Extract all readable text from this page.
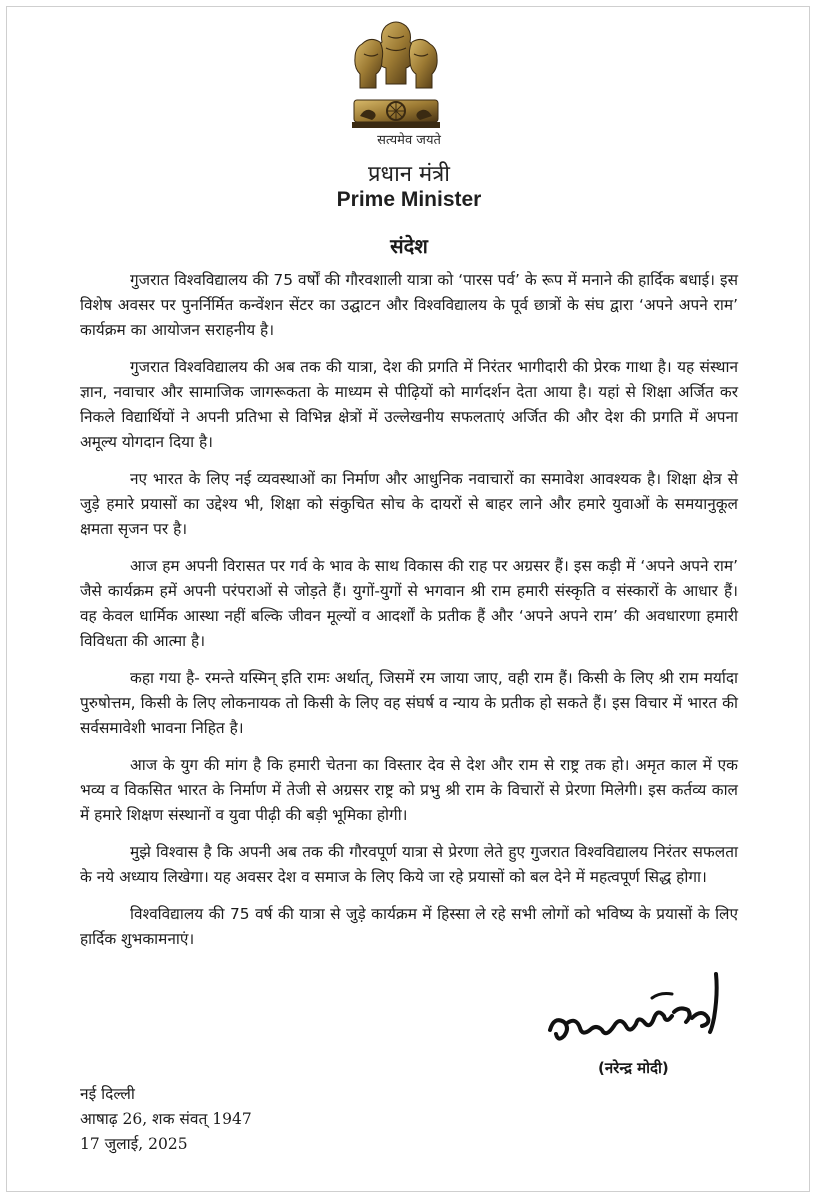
सत्यमेव जयते
प्रधान मंत्री
Prime Minister
संदेश

गुजरात विश्वविद्यालय की 75 वर्षों की गौरवशाली यात्रा को ‘पारस पर्व’ के रूप में मनाने की हार्दिक बधाई। इस विशेष अवसर पर पुनर्निर्मित कन्वेंशन सेंटर का उद्घाटन और विश्वविद्यालय के पूर्व छात्रों के संघ द्वारा ‘अपने अपने राम’ कार्यक्रम का आयोजन सराहनीय है।

गुजरात विश्वविद्यालय की अब तक की यात्रा, देश की प्रगति में निरंतर भागीदारी की प्रेरक गाथा है। यह संस्थान ज्ञान, नवाचार और सामाजिक जागरूकता के माध्यम से पीढ़ियों को मार्गदर्शन देता आया है। यहां से शिक्षा अर्जित कर निकले विद्यार्थियों ने अपनी प्रतिभा से विभिन्न क्षेत्रों में उल्लेखनीय सफलताएं अर्जित की और देश की प्रगति में अपना अमूल्य योगदान दिया है।

नए भारत के लिए नई व्यवस्थाओं का निर्माण और आधुनिक नवाचारों का समावेश आवश्यक है। शिक्षा क्षेत्र से जुड़े हमारे प्रयासों का उद्देश्य भी, शिक्षा को संकुचित सोच के दायरों से बाहर लाने और हमारे युवाओं के समयानुकूल क्षमता सृजन पर है।

आज हम अपनी विरासत पर गर्व के भाव के साथ विकास की राह पर अग्रसर हैं। इस कड़ी में ‘अपने अपने राम’ जैसे कार्यक्रम हमें अपनी परंपराओं से जोड़ते हैं। युगों-युगों से भगवान श्री राम हमारी संस्कृति व संस्कारों के आधार हैं। वह केवल धार्मिक आस्था नहीं बल्कि जीवन मूल्यों व आदर्शों के प्रतीक हैं और ‘अपने अपने राम’ की अवधारणा हमारी विविधता की आत्मा है।

कहा गया है- रमन्ते यस्मिन् इति रामः अर्थात्, जिसमें रम जाया जाए, वही राम हैं। किसी के लिए श्री राम मर्यादा पुरुषोत्तम, किसी के लिए लोकनायक तो किसी के लिए वह संघर्ष व न्याय के प्रतीक हो सकते हैं। इस विचार में भारत की सर्वसमावेशी भावना निहित है।

आज के युग की मांग है कि हमारी चेतना का विस्तार देव से देश और राम से राष्ट्र तक हो। अमृत काल में एक भव्य व विकसित भारत के निर्माण में तेजी से अग्रसर राष्ट्र को प्रभु श्री राम के विचारों से प्रेरणा मिलेगी। इस कर्तव्य काल में हमारे शिक्षण संस्थानों व युवा पीढ़ी की बड़ी भूमिका होगी।

मुझे विश्वास है कि अपनी अब तक की गौरवपूर्ण यात्रा से प्रेरणा लेते हुए गुजरात विश्वविद्यालय निरंतर सफलता के नये अध्याय लिखेगा। यह अवसर देश व समाज के लिए किये जा रहे प्रयासों को बल देने में महत्वपूर्ण सिद्ध होगा।

विश्वविद्यालय की 75 वर्ष की यात्रा से जुड़े कार्यक्रम में हिस्सा ले रहे सभी लोगों को भविष्य के प्रयासों के लिए हार्दिक शुभकामनाएं।

(नरेन्द्र मोदी)
नई दिल्ली
आषाढ़ 26, शक संवत् 1947
17 जुलाई, 2025
